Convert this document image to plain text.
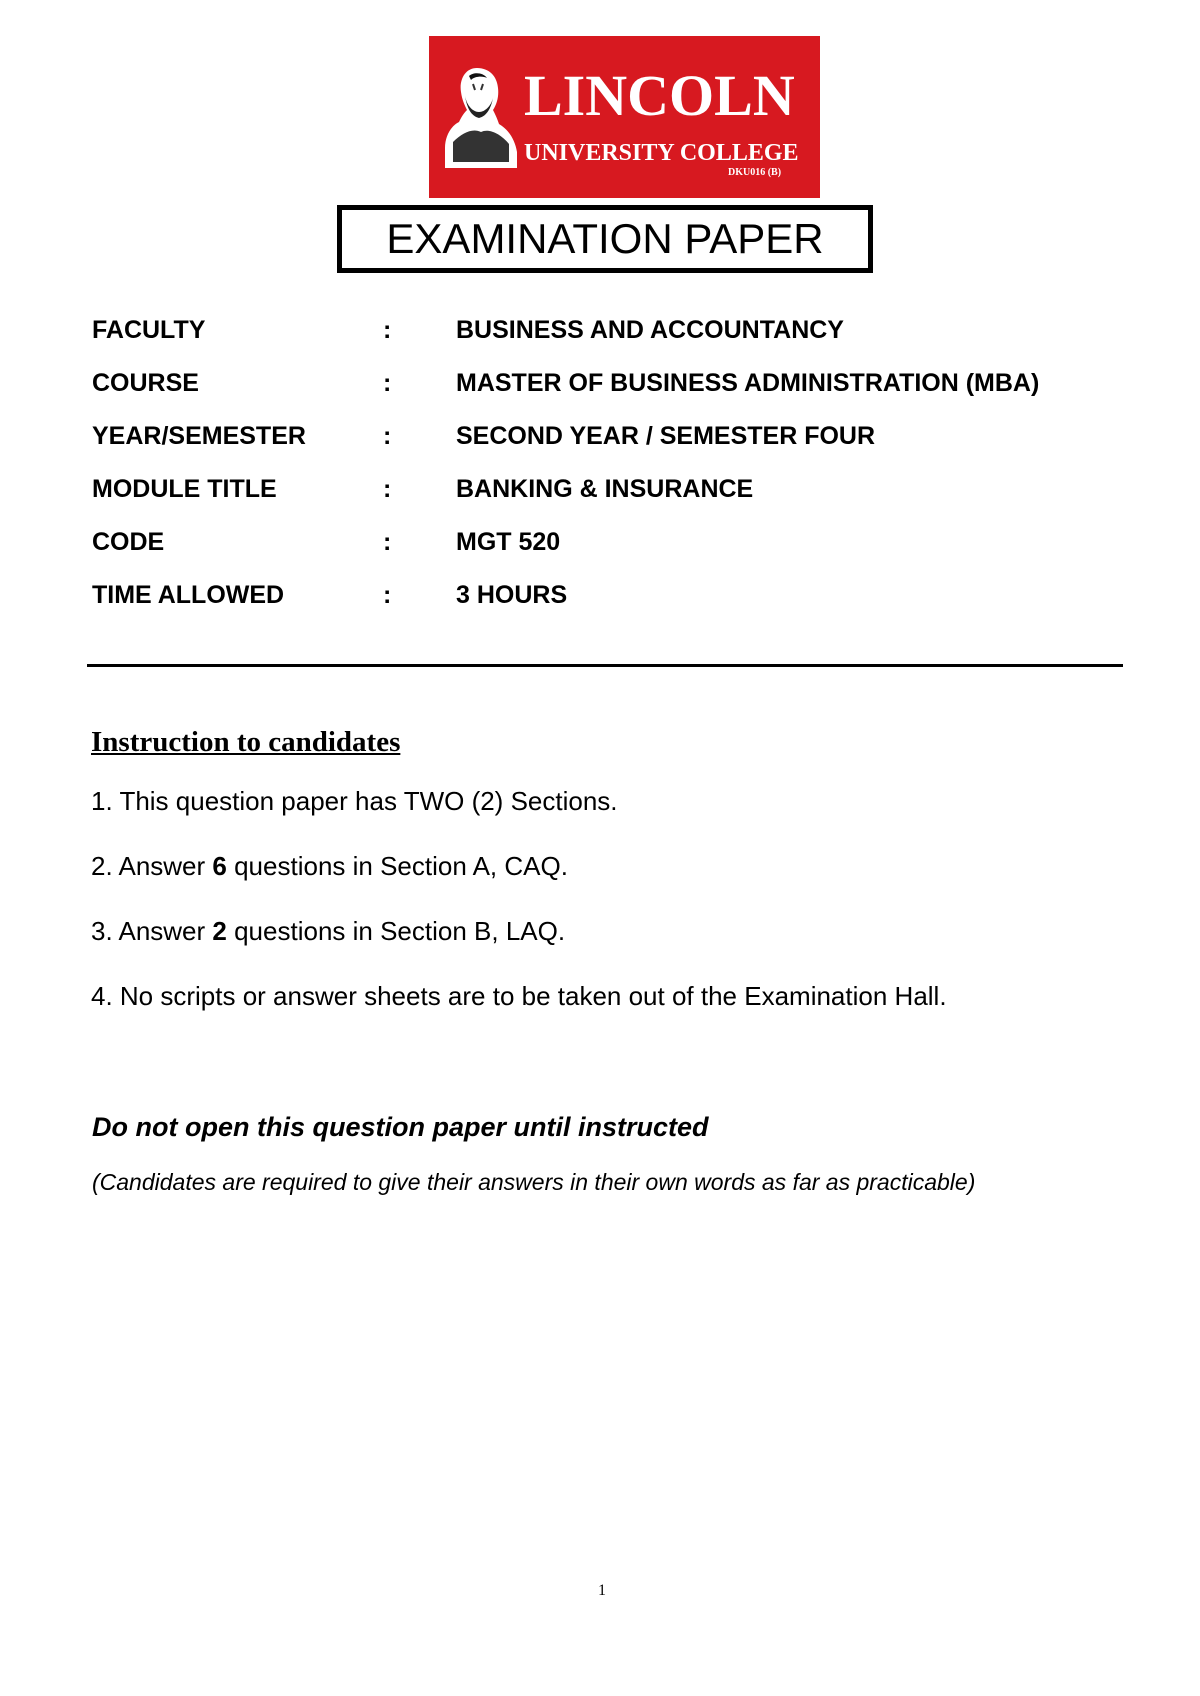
LINCOLN
UNIVERSITY COLLEGE
DKU016 (B)
EXAMINATION PAPER
FACULTY	:	BUSINESS AND ACCOUNTANCY
COURSE	:	MASTER OF BUSINESS ADMINISTRATION (MBA)
YEAR/SEMESTER	:	SECOND YEAR / SEMESTER FOUR
MODULE TITLE	:	BANKING & INSURANCE
CODE	:	MGT 520
TIME ALLOWED	:	3 HOURS
Instruction to candidates
1. This question paper has TWO (2) Sections.
2. Answer 6 questions in Section A, CAQ.
3. Answer 2 questions in Section B, LAQ.
4. No scripts or answer sheets are to be taken out of the Examination Hall.
Do not open this question paper until instructed
(Candidates are required to give their answers in their own words as far as practicable)
1
